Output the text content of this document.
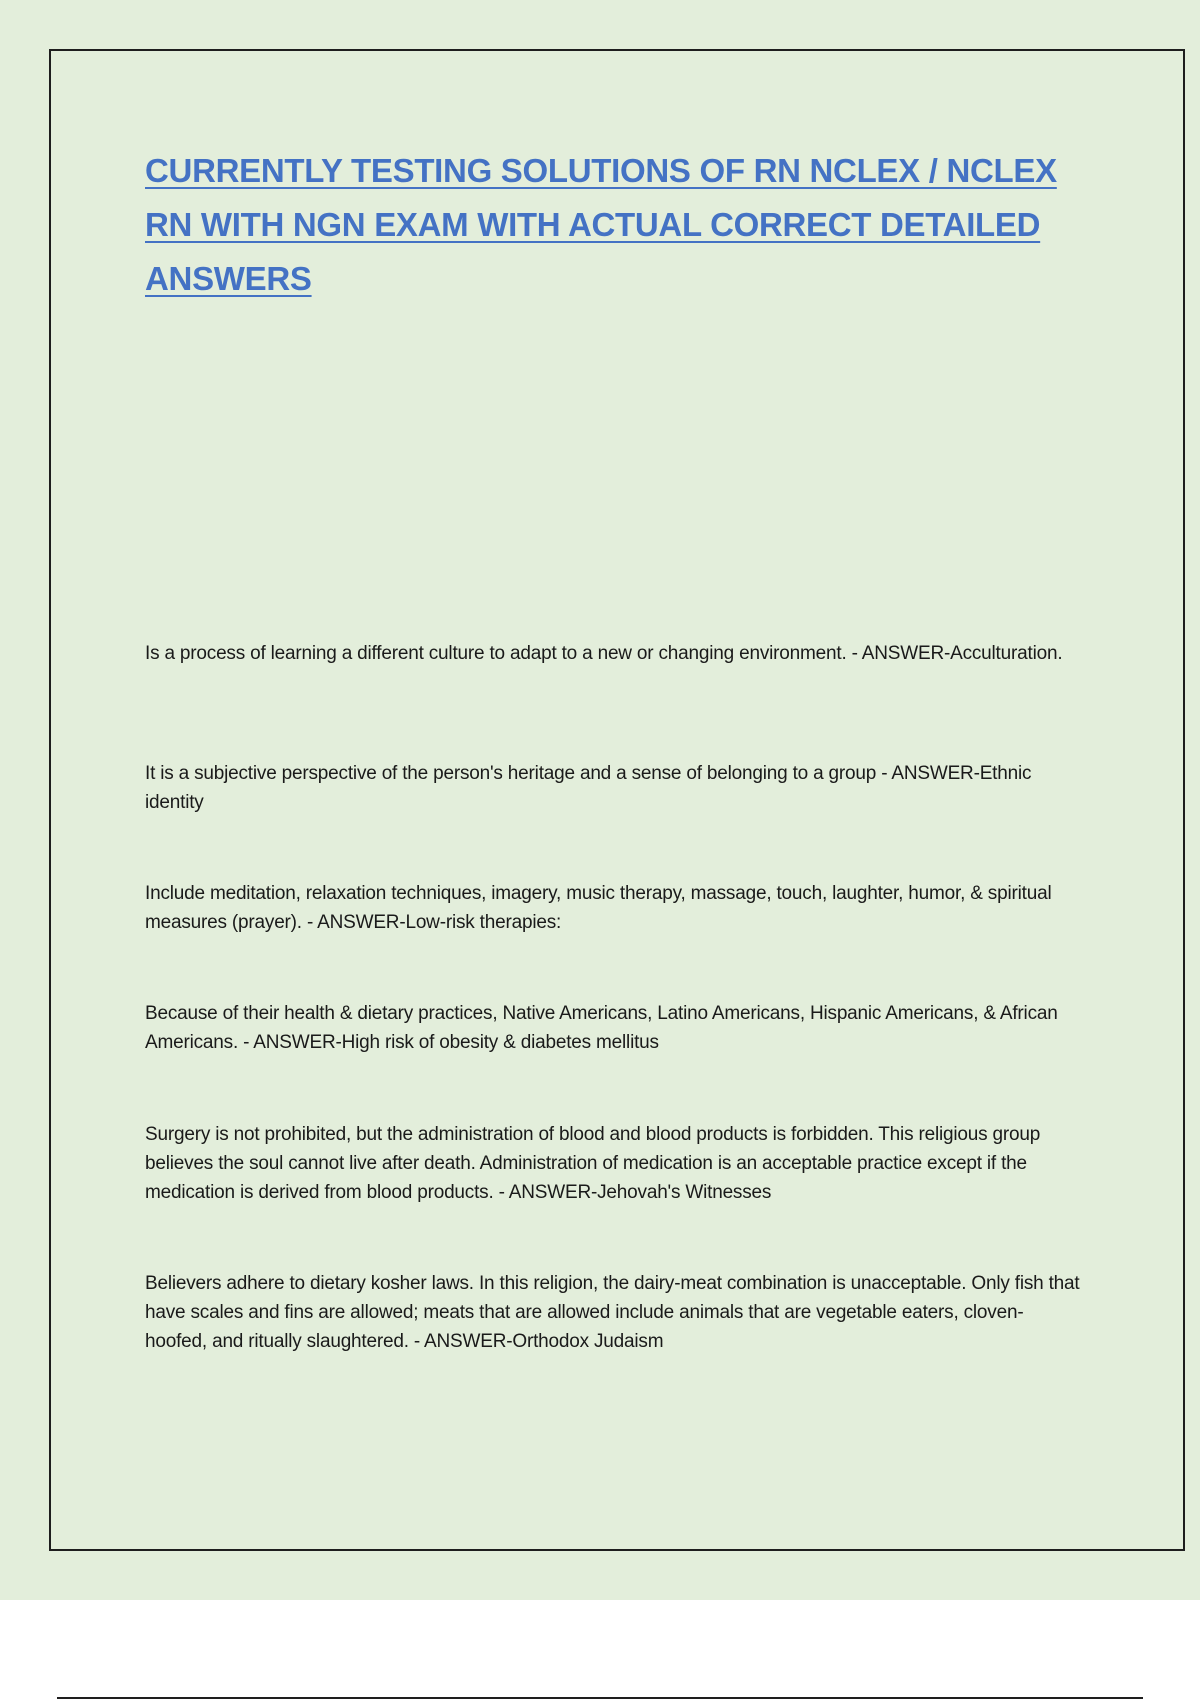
CURRENTLY TESTING SOLUTIONS OF RN NCLEX / NCLEX RN WITH NGN EXAM WITH ACTUAL CORRECT DETAILED ANSWERS

Is a process of learning a different culture to adapt to a new or changing environment. - ANSWER-Acculturation.

It is a subjective perspective of the person's heritage and a sense of belonging to a group - ANSWER-Ethnic identity

Include meditation, relaxation techniques, imagery, music therapy, massage, touch, laughter, humor, & spiritual measures (prayer). - ANSWER-Low-risk therapies:

Because of their health & dietary practices, Native Americans, Latino Americans, Hispanic Americans, & African Americans. - ANSWER-High risk of obesity & diabetes mellitus

Surgery is not prohibited, but the administration of blood and blood products is forbidden. This religious group believes the soul cannot live after death. Administration of medication is an acceptable practice except if the medication is derived from blood products. - ANSWER-Jehovah's Witnesses

Believers adhere to dietary kosher laws. In this religion, the dairy-meat combination is unacceptable. Only fish that have scales and fins are allowed; meats that are allowed include animals that are vegetable eaters, cloven-hoofed, and ritually slaughtered. - ANSWER-Orthodox Judaism
